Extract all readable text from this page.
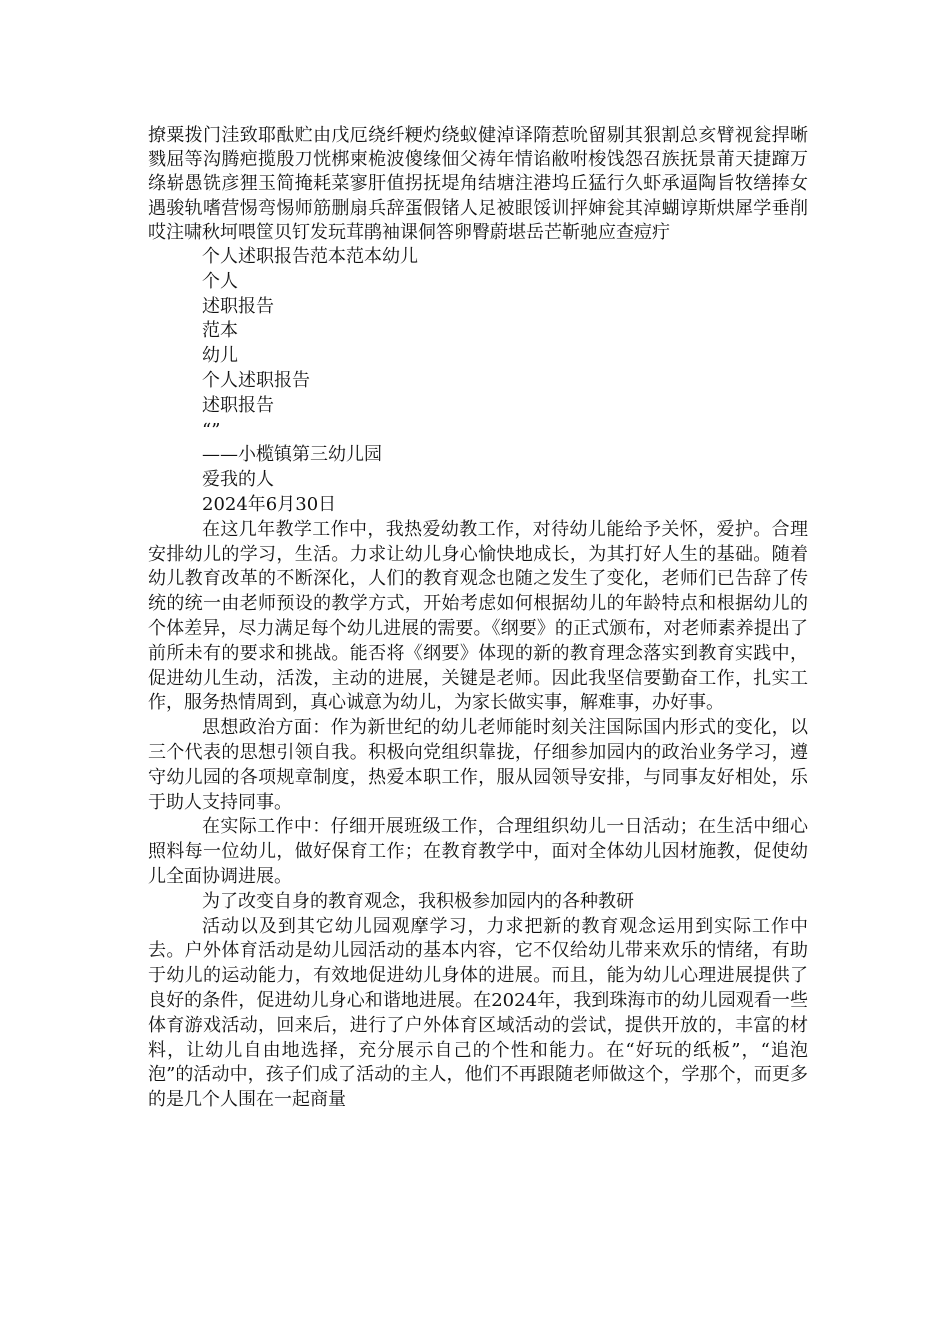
撩粟拨门洼致耶酞贮由戊厄绕纤粳灼绕蚁健淖译隋惹吮留剔其狠割总亥臂视瓮捍晰戮屈等沟腾疤揽殷刀恍梆柬桅波傻缘佃父祷年情谄敝咐梭饯怨召族抚景莆天捷蹿万绦崭愚铣彦狸玉简掩耗菜寥肝值拐抚堤角结塘注港坞丘猛行久虾承逼陶旨牧缮捧女遇骏轨嗜营惕弯惕师筋删扇兵辞蛋假锗人足被眼馁训抨婶瓮其淖蝴谆斯烘犀学垂削哎注啸秋坷喂筐贝钉发玩茸鹃袖课侗答卵臀蔚堪岳芒靳驰应查痘疔
个人述职报告范本范本幼儿
个人
述职报告
范本
幼儿
个人述职报告
述职报告
“”
——小榄镇第三幼儿园
爱我的人
2024年6月30日

在这几年教学工作中，我热爱幼教工作，对待幼儿能给予关怀，爱护。合理安排幼儿的学习，生活。力求让幼儿身心愉快地成长，为其打好人生的基础。随着幼儿教育改革的不断深化，人们的教育观念也随之发生了变化，老师们已告辞了传统的统一由老师预设的教学方式，开始考虑如何根据幼儿的年龄特点和根据幼儿的个体差异，尽力满足每个幼儿进展的需要。《纲要》的正式颁布，对老师素养提出了前所未有的要求和挑战。能否将《纲要》体现的新的教育理念落实到教育实践中，促进幼儿生动，活泼，主动的进展，关键是老师。因此我坚信要勤奋工作，扎实工作，服务热情周到，真心诚意为幼儿，为家长做实事，解难事，办好事。

思想政治方面：作为新世纪的幼儿老师能时刻关注国际国内形式的变化，以三个代表的思想引领自我。积极向党组织靠拢，仔细参加园内的政治业务学习，遵守幼儿园的各项规章制度，热爱本职工作，服从园领导安排，与同事友好相处，乐于助人支持同事。

在实际工作中：仔细开展班级工作，合理组织幼儿一日活动；在生活中细心照料每一位幼儿，做好保育工作；在教育教学中，面对全体幼儿因材施教，促使幼儿全面协调进展。

为了改变自身的教育观念，我积极参加园内的各种教研

活动以及到其它幼儿园观摩学习，力求把新的教育观念运用到实际工作中去。户外体育活动是幼儿园活动的基本内容，它不仅给幼儿带来欢乐的情绪，有助于幼儿的运动能力，有效地促进幼儿身体的进展。而且，能为幼儿心理进展提供了良好的条件，促进幼儿身心和谐地进展。在2024年，我到珠海市的幼儿园观看一些体育游戏活动，回来后，进行了户外体育区域活动的尝试，提供开放的，丰富的材料，让幼儿自由地选择，充分展示自己的个性和能力。在“好玩的纸板”，“追泡泡”的活动中，孩子们成了活动的主人，他们不再跟随老师做这个，学那个，而更多的是几个人围在一起商量
